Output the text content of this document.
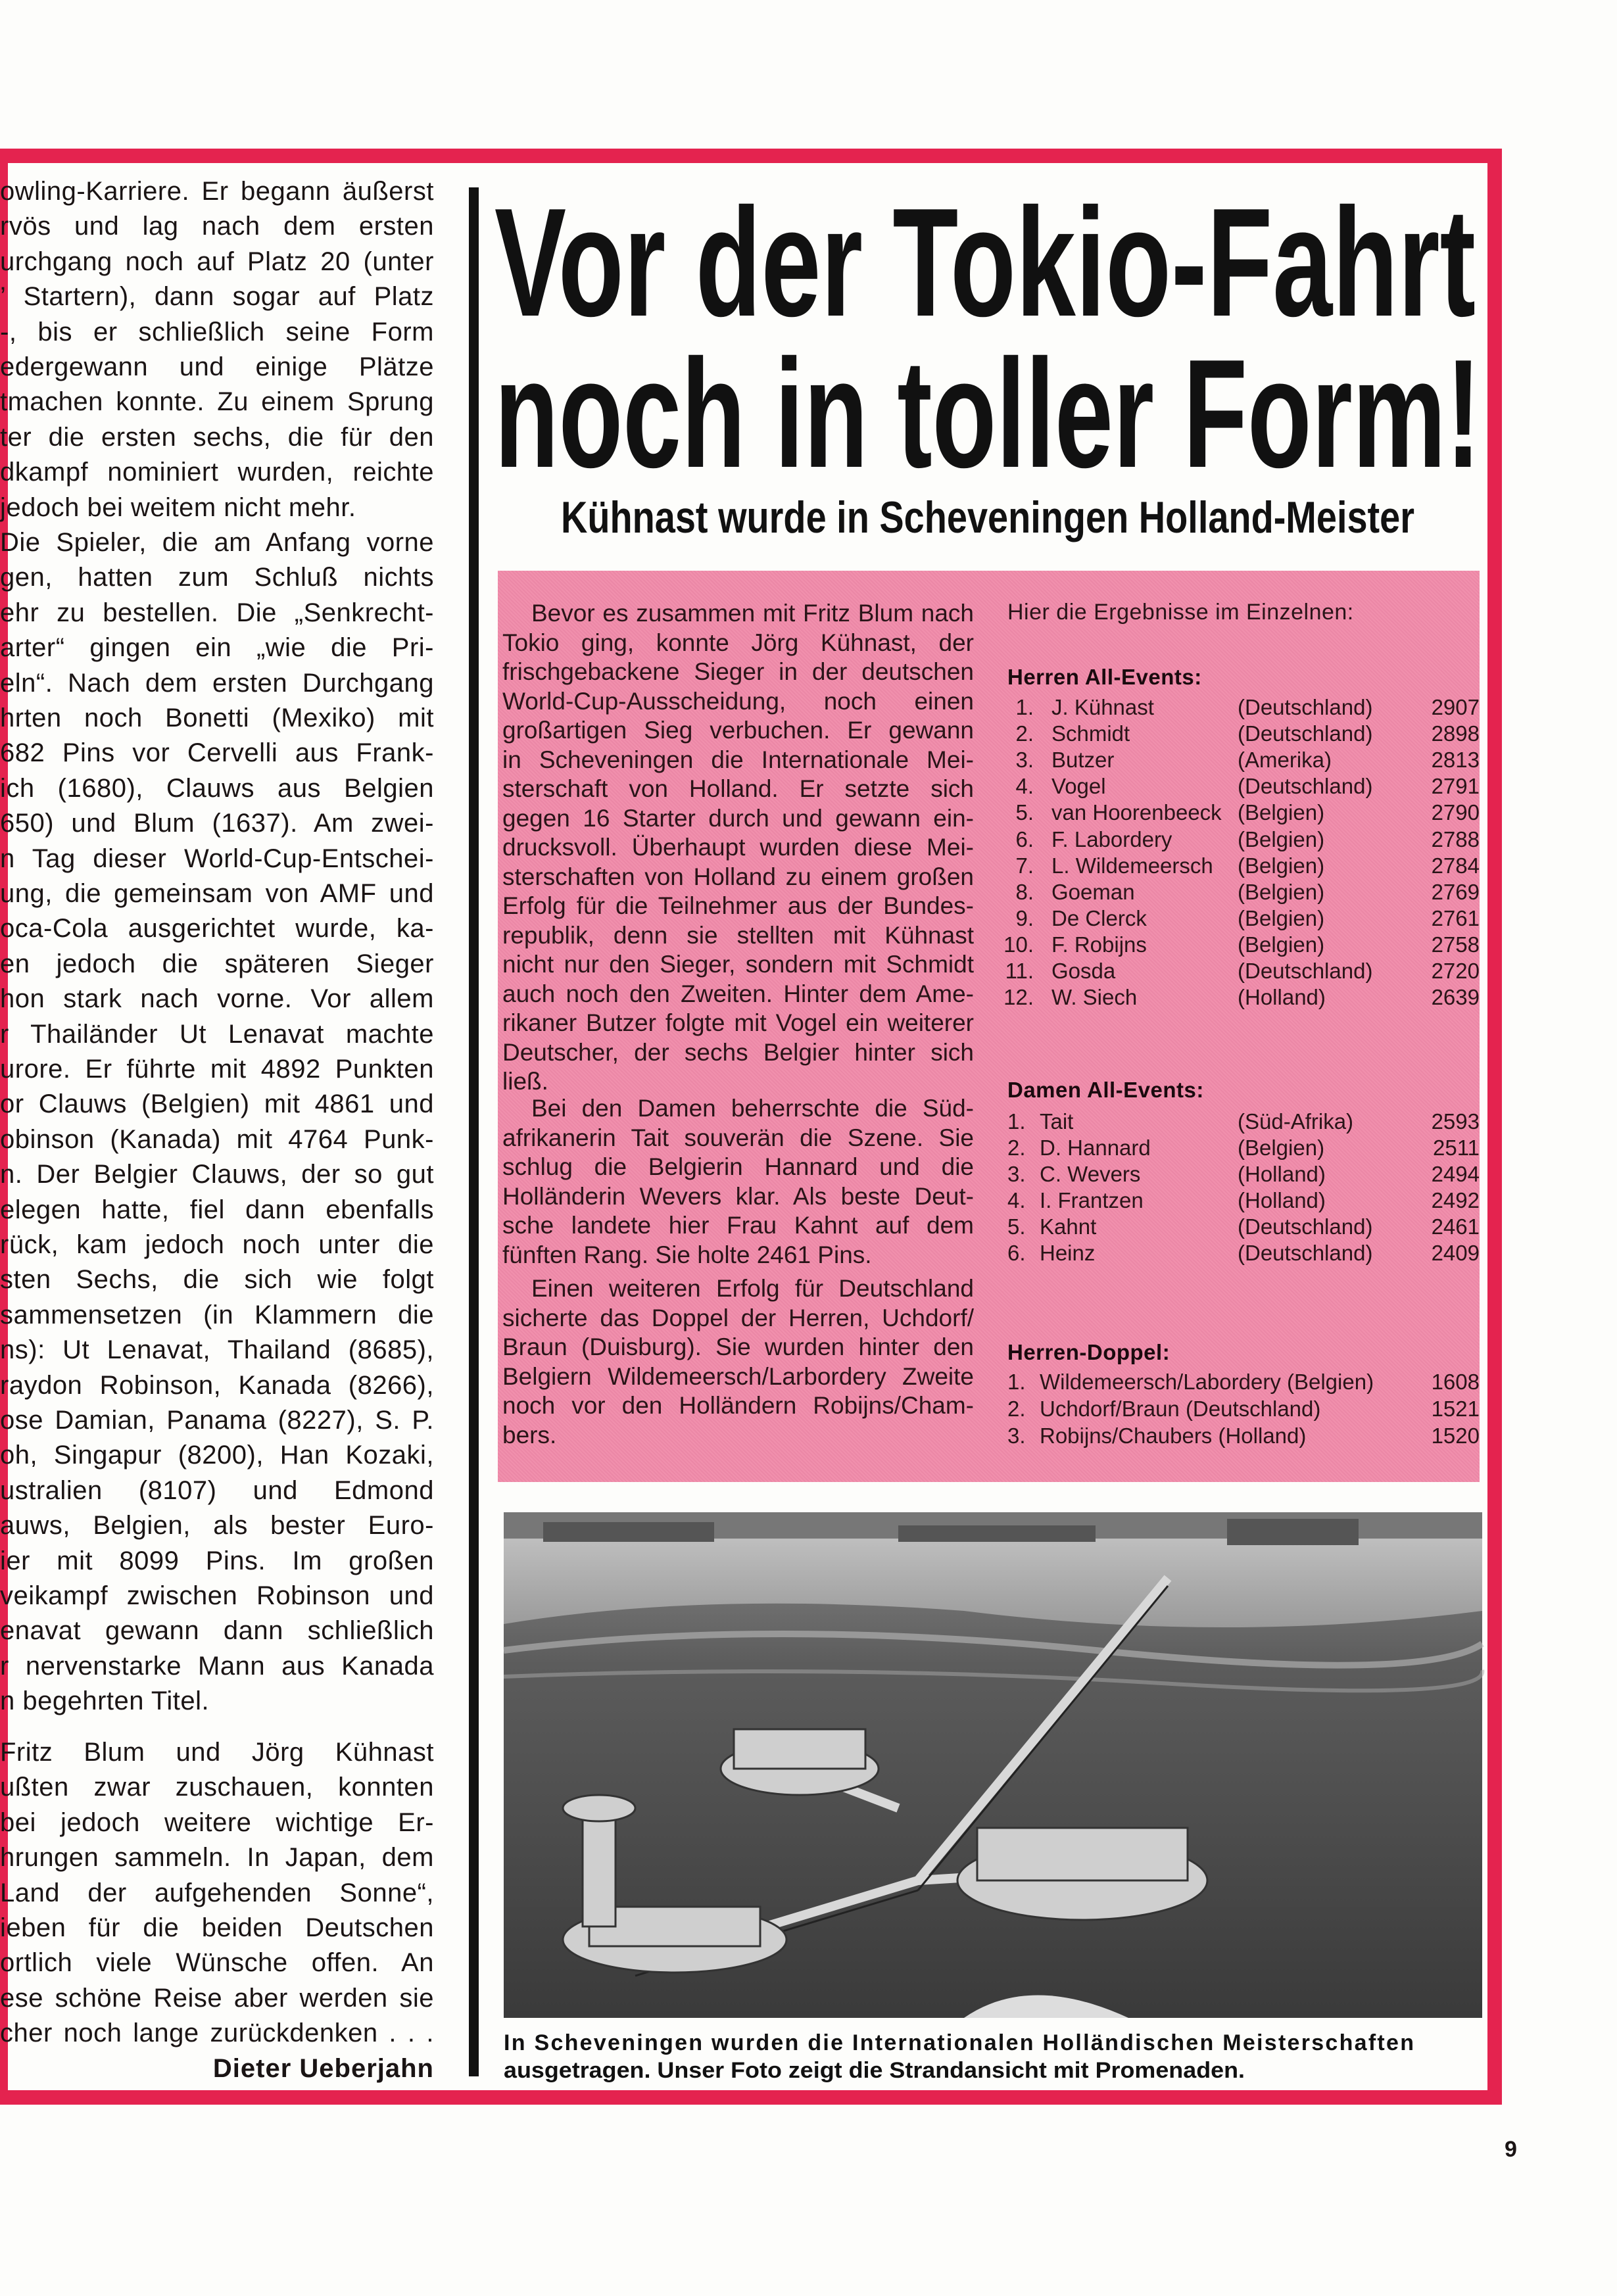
owling-Karriere. Er begann äußerst
rvös und lag nach dem ersten
urchgang noch auf Platz 20 (unter
’ Startern), dann sogar auf Platz
-, bis er schließlich seine Form
edergewann und einige Plätze
tmachen konnte. Zu einem Sprung
ter die ersten sechs, die für den
dkampf nominiert wurden, reichte
jedoch bei weitem nicht mehr.
Die Spieler, die am Anfang vorne
gen, hatten zum Schluß nichts
ehr zu bestellen. Die „Senkrecht-
arter“ gingen ein „wie die Pri-
eln“. Nach dem ersten Durchgang
hrten noch Bonetti (Mexiko) mit
682 Pins vor Cervelli aus Frank-
ich (1680), Clauws aus Belgien
650) und Blum (1637). Am zwei-
n Tag dieser World-Cup-Entschei-
ung, die gemeinsam von AMF und
oca-Cola ausgerichtet wurde, ka-
en jedoch die späteren Sieger
hon stark nach vorne. Vor allem
r Thailänder Ut Lenavat machte
urore. Er führte mit 4892 Punkten
or Clauws (Belgien) mit 4861 und
obinson (Kanada) mit 4764 Punk-
n. Der Belgier Clauws, der so gut
elegen hatte, fiel dann ebenfalls
rück, kam jedoch noch unter die
sten Sechs, die sich wie folgt
sammensetzen (in Klammern die
ns): Ut Lenavat, Thailand (8685),
raydon Robinson, Kanada (8266),
ose Damian, Panama (8227), S. P.
oh, Singapur (8200), Han Kozaki,
ustralien (8107) und Edmond
auws, Belgien, als bester Euro-
ier mit 8099 Pins. Im großen
veikampf zwischen Robinson und
enavat gewann dann schließlich
r nervenstarke Mann aus Kanada
n begehrten Titel.
Fritz Blum und Jörg Kühnast
ußten zwar zuschauen, konnten
bei jedoch weitere wichtige Er-
hrungen sammeln. In Japan, dem
Land der aufgehenden Sonne“,
ieben für die beiden Deutschen
ortlich viele Wünsche offen. An
ese schöne Reise aber werden sie
cher noch lange zurückdenken . . .
Dieter Ueberjahn
Vor der Tokio-Fahrt
noch in toller Form!
Kühnast wurde in Scheveningen Holland-Meister
Bevor es zusammen mit Fritz Blum nach
Tokio ging, konnte Jörg Kühnast, der
frischgebackene Sieger in der deutschen
World-Cup-Ausscheidung, noch einen
großartigen Sieg verbuchen. Er gewann
in Scheveningen die Internationale Mei-
sterschaft von Holland. Er setzte sich
gegen 16 Starter durch und gewann ein-
drucksvoll. Überhaupt wurden diese Mei-
sterschaften von Holland zu einem großen
Erfolg für die Teilnehmer aus der Bundes-
republik, denn sie stellten mit Kühnast
nicht nur den Sieger, sondern mit Schmidt
auch noch den Zweiten. Hinter dem Ame-
rikaner Butzer folgte mit Vogel ein weiterer
Deutscher, der sechs Belgier hinter sich
ließ.
Bei den Damen beherrschte die Süd-
afrikanerin Tait souverän die Szene. Sie
schlug die Belgierin Hannard und die
Holländerin Wevers klar. Als beste Deut-
sche landete hier Frau Kahnt auf dem
fünften Rang. Sie holte 2461 Pins.
Einen weiteren Erfolg für Deutschland
sicherte das Doppel der Herren, Uchdorf/
Braun (Duisburg). Sie wurden hinter den
Belgiern Wildemeersch/Larbordery Zweite
noch vor den Holländern Robijns/Cham-
bers.
Hier die Ergebnisse im Einzelnen:
Herren All-Events:
1. J. Kühnast	(Deutschland)	2907
2. Schmidt	(Deutschland)	2898
3. Butzer	(Amerika)	2813
4. Vogel	(Deutschland)	2791
5. van Hoorenbeeck (Belgien)	2790
6. F. Labordery	(Belgien)	2788
7. L. Wildemeersch (Belgien)	2784
8. Goeman	(Belgien)	2769
9. De Clerck	(Belgien)	2761
10. F. Robijns	(Belgien)	2758
11. Gosda	(Deutschland)	2720
12. W. Siech	(Holland)	2639
Damen All-Events:
1. Tait	(Süd-Afrika)	2593
2. D. Hannard	(Belgien)	2511
3. C. Wevers	(Holland)	2494
4. I. Frantzen	(Holland)	2492
5. Kahnt	(Deutschland)	2461
6. Heinz	(Deutschland)	2409
Herren-Doppel:
1. Wildemeersch/Labordery (Belgien)	1608
2. Uchdorf/Braun (Deutschland)	1521
3. Robijns/Chaubers (Holland)	1520
In Scheveningen wurden die Internationalen Holländischen Meisterschaften
ausgetragen. Unser Foto zeigt die Strandansicht mit Promenaden.
9
